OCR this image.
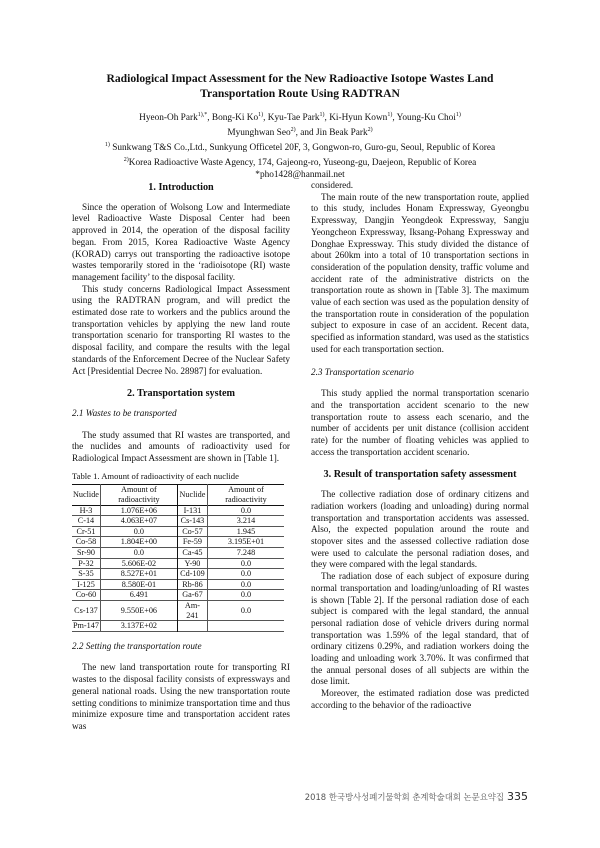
Radiological Impact Assessment for the New Radioactive Isotope Wastes Land
Transportation Route Using RADTRAN
Hyeon-Oh Park$^{1),*}$, Bong-Ki Ko$^{1)}$, Kyu-Tae Park$^{1)}$, Ki-Hyun Kown$^{1)}$, Young-Ku Choi$^{1)}$
Myunghwan Seo$^{2)}$, and Jin Beak Park$^{2)}$
$^{1)}$ Sunkwang T&S Co.,Ltd., Sunkyung Officetel 20F, 3, Gongwon-ro, Guro-gu, Seoul, Republic of Korea
$^{2)}$Korea Radioactive Waste Agency, 174, Gajeong-ro, Yuseong-gu, Daejeon, Republic of Korea
*pho1428@hanmail.net
1. Introduction

Since the operation of Wolsong Low and Intermediate level Radioactive Waste Disposal Center had been approved in 2014, the operation of the disposal facility began. From 2015, Korea Radioactive Waste Agency (KORAD) carrys out transporting the radioactive isotope wastes temporarily stored in the ‘radioisotope (RI) waste management facility’ to the disposal facility.

This study concerns Radiological Impact Assessment using the RADTRAN program, and will predict the estimated dose rate to workers and the publics around the transportation vehicles by applying the new land route transportation scenario for transporting RI wastes to the disposal facility, and compare the results with the legal standards of the Enforcement Decree of the Nuclear Safety Act [Presidential Decree No. 28987] for evaluation.

2. Transportation system
2.1 Wastes to be transported

The study assumed that RI wastes are transported, and the nuclides and amounts of radioactivity used for Radiological Impact Assessment are shown in [Table 1].

Table 1. Amount of radioactivity of each nuclide
Nuclide	Amount of radioactivity	Nuclide	Amount of radioactivity
H-3	1.076E+06	I-131	0.0
C-14	4.063E+07	Cs-143	3.214
Cr-51	0.0	Co-57	1.945
Co-58	1.804E+00	Fe-59	3.195E+01
Sr-90	0.0	Ca-45	7.248
P-32	5.606E-02	Y-90	0.0
S-35	8.527E+01	Cd-109	0.0
I-125	8.580E-01	Rb-86	0.0
Co-60	6.491	Ga-67	0.0
Cs-137	9.550E+06	Am-241	0.0
Pm-147	3.137E+02		
2.2 Setting the transportation route

The new land transportation route for transporting RI wastes to the disposal facility consists of expressways and general national roads. Using the new transportation route setting conditions to minimize transportation time and thus minimize exposure time and transportation accident rates was

considered.

The main route of the new transportation route, applied to this study, includes Honam Expressway, Gyeongbu Expressway, Dangjin Yeongdeok Expressway, Sangju Yeongcheon Expressway, Iksang-Pohang Expressway and Donghae Expressway. This study divided the distance of about 260km into a total of 10 transportation sections in consideration of the population density, traffic volume and accident rate of the administrative districts on the transportation route as shown in [Table 3]. The maximum value of each section was used as the population density of the transportation route in consideration of the population subject to exposure in case of an accident. Recent data, specified as information standard, was used as the statistics used for each transportation section.

2.3 Transportation scenario

This study applied the normal transportation scenario and the transportation accident scenario to the new transportation route to assess each scenario, and the number of accidents per unit distance (collision accident rate) for the number of floating vehicles was applied to access the transportation accident scenario.

3. Result of transportation safety assessment

The collective radiation dose of ordinary citizens and radiation workers (loading and unloading) during normal transportation and transportation accidents was assessed. Also, the expected population around the route and stopover sites and the assessed collective radiation dose were used to calculate the personal radiation doses, and they were compared with the legal standards.

The radiation dose of each subject of exposure during normal transportation and loading/unloading of RI wastes is shown [Table 2]. If the personal radiation dose of each subject is compared with the legal standard, the annual personal radiation dose of vehicle drivers during normal transportation was 1.59% of the legal standard, that of ordinary citizens 0.29%, and radiation workers doing the loading and unloading work 3.70%. It was confirmed that the annual personal doses of all subjects are within the dose limit.

Moreover, the estimated radiation dose was predicted according to the behavior of the radioactive

2018 한국방사성폐기물학회 춘계학술대회 논문요약집 335
